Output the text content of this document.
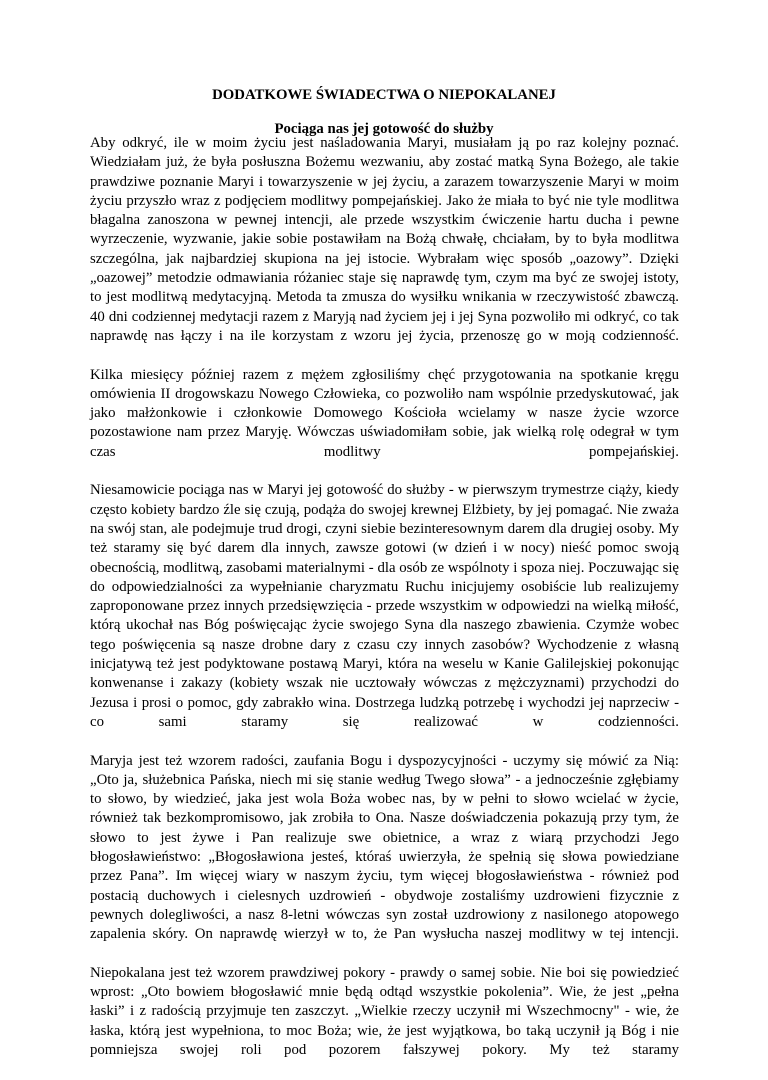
DODATKOWE ŚWIADECTWA O NIEPOKALANEJ
Pociąga nas jej gotowość do służby

Aby odkryć, ile w moim życiu jest naśladowania Maryi, musiałam ją po raz kolejny poznać. Wiedziałam już, że była posłuszna Bożemu wezwaniu, aby zostać matką Syna Bożego, ale takie prawdziwe poznanie Maryi i towarzyszenie w jej życiu, a zarazem towarzyszenie Maryi w moim życiu przyszło wraz z podjęciem modlitwy pompejańskiej. Jako że miała to być nie tyle modlitwa błagalna zanoszona w pewnej intencji, ale przede wszystkim ćwiczenie hartu ducha i pewne wyrzeczenie, wyzwanie, jakie sobie postawiłam na Bożą chwałę, chciałam, by to była modlitwa szczególna, jak najbardziej skupiona na jej istocie. Wybrałam więc sposób „oazowy”. Dzięki „oazowej” metodzie odmawiania różaniec staje się naprawdę tym, czym ma być ze swojej istoty, to jest modlitwą medytacyjną. Metoda ta zmusza do wysiłku wnikania w rzeczywistość zbawczą. 40 dni codziennej medytacji razem z Maryją nad życiem jej i jej Syna pozwoliło mi odkryć, co tak naprawdę nas łączy i na ile korzystam z wzoru jej życia, przenoszę go w moją codzienność.

Kilka miesięcy później razem z mężem zgłosiliśmy chęć przygotowania na spotkanie kręgu omówienia II drogowskazu Nowego Człowieka, co pozwoliło nam wspólnie przedyskutować, jak jako małżonkowie i członkowie Domowego Kościoła wcielamy w nasze życie wzorce pozostawione nam przez Maryję. Wówczas uświadomiłam sobie, jak wielką rolę odegrał w tym czas modlitwy pompejańskiej.

Niesamowicie pociąga nas w Maryi jej gotowość do służby - w pierwszym trymestrze ciąży, kiedy często kobiety bardzo źle się czują, podąża do swojej krewnej Elżbiety, by jej pomagać. Nie zważa na swój stan, ale podejmuje trud drogi, czyni siebie bezinteresownym darem dla drugiej osoby. My też staramy się być darem dla innych, zawsze gotowi (w dzień i w nocy) nieść pomoc swoją obecnością, modlitwą, zasobami materialnymi - dla osób ze wspólnoty i spoza niej. Poczuwając się do odpowiedzialności za wypełnianie charyzmatu Ruchu inicjujemy osobiście lub realizujemy zaproponowane przez innych przedsięwzięcia - przede wszystkim w odpowiedzi na wielką miłość, którą ukochał nas Bóg poświęcając życie swojego Syna dla naszego zbawienia. Czymże wobec tego poświęcenia są nasze drobne dary z czasu czy innych zasobów? Wychodzenie z własną inicjatywą też jest podyktowane postawą Maryi, która na weselu w Kanie Galilejskiej pokonując konwenanse i zakazy (kobiety wszak nie ucztowały wówczas z mężczyznami) przychodzi do Jezusa i prosi o pomoc, gdy zabrakło wina. Dostrzega ludzką potrzebę i wychodzi jej naprzeciw - co sami staramy się realizować w codzienności.

Maryja jest też wzorem radości, zaufania Bogu i dyspozycyjności - uczymy się mówić za Nią: „Oto ja, służebnica Pańska, niech mi się stanie według Twego słowa” - a jednocześnie zgłębiamy to słowo, by wiedzieć, jaka jest wola Boża wobec nas, by w pełni to słowo wcielać w życie, również tak bezkompromisowo, jak zrobiła to Ona. Nasze doświadczenia pokazują przy tym, że słowo to jest żywe i Pan realizuje swe obietnice, a wraz z wiarą przychodzi Jego błogosławieństwo: „Błogosławiona jesteś, któraś uwierzyła, że spełnią się słowa powiedziane przez Pana”. Im więcej wiary w naszym życiu, tym więcej błogosławieństwa - również pod postacią duchowych i cielesnych uzdrowień - obydwoje zostaliśmy uzdrowieni fizycznie z pewnych dolegliwości, a nasz 8-letni wówczas syn został uzdrowiony z nasilonego atopowego zapalenia skóry. On naprawdę wierzył w to, że Pan wysłucha naszej modlitwy w tej intencji.

Niepokalana jest też wzorem prawdziwej pokory - prawdy o samej sobie. Nie boi się powiedzieć wprost: „Oto bowiem błogosławić mnie będą odtąd wszystkie pokolenia”. Wie, że jest „pełna łaski” i z radością przyjmuje ten zaszczyt. „Wielkie rzeczy uczynił mi Wszechmocny" - wie, że łaska, którą jest wypełniona, to moc Boża; wie, że jest wyjątkowa, bo taką uczynił ją Bóg i nie pomniejsza swojej roli pod pozorem fałszywej pokory. My też staramy
